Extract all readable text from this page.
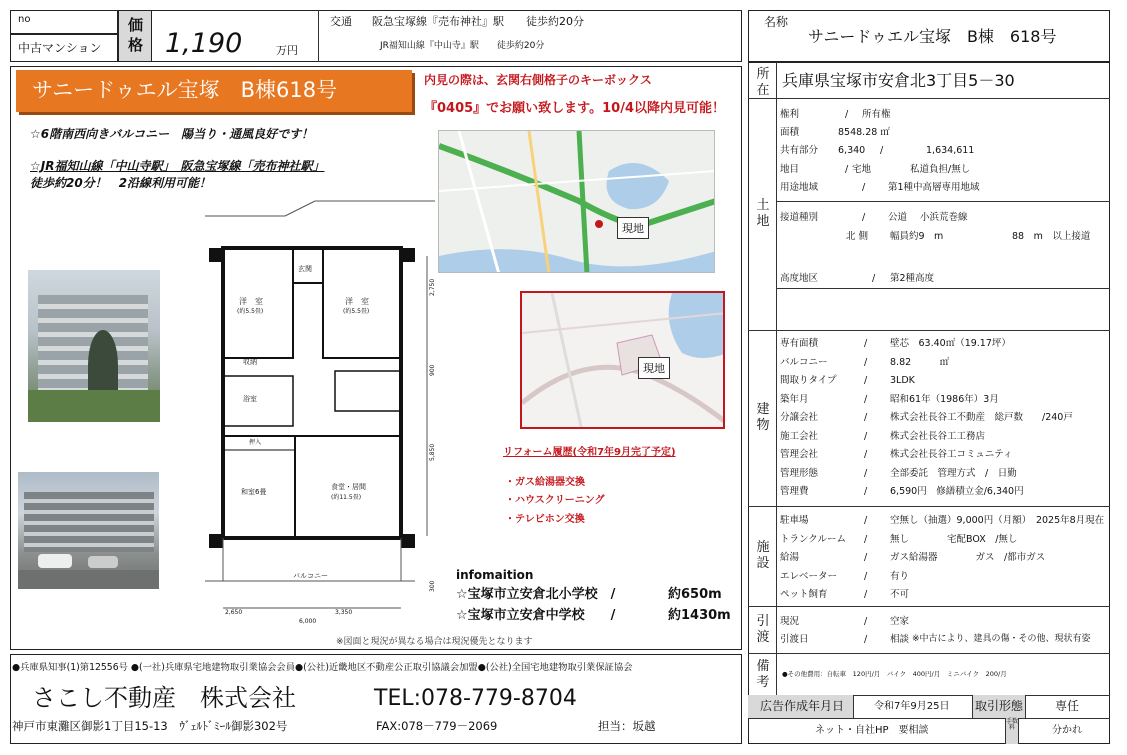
no
中古マンション
価
格 1,190	万円
交通 阪急宝塚線『売布神社』駅　　徒歩約20分
JR福知山線『中山寺』駅　　徒歩約20分
名称
サニードゥエル宝塚　B棟　618号
サニードゥエル宝塚　B棟618号	内見の際は、玄関右側格子のキーボックス
『0405』でお願い致します。10/4以降内見可能！
☆6階南西向きバルコニー　陽当り・通風良好です！
☆JR福知山線「中山寺駅」　阪急宝塚線「売布神社駅」
徒歩約20分！　2沿線利用可能！
現地
現地
洋　室
(約5.5畳)
洋　室
(約5.5畳)
玄関
収納
浴室
押入
和室6畳
食堂・居間
(約11.5畳)
バルコニー
2,650	3,350
6,000
2,750
900
5,850
300
リフォーム履歴(令和7年9月完了予定)
・ガス給湯器交換
・ハウスクリーニング
・テレビホン交換
infomaition
☆宝塚市立安倉北小学校　/	約650m
☆宝塚市立安倉中学校　　/	約1430m
※図面と現況が異なる場合は現況優先となります
●兵庫県知事(1)第12556号 ●(一社)兵庫県宅地建物取引業協会会員●(公社)近畿地区不動産公正取引協議会加盟●(公社)全国宅地建物取引業保証協会
さこし不動産　株式会社	TEL:078-779-8704
神戸市東灘区御影1丁目15-13　ｳﾞｪﾙﾄﾞﾐｰﾙ御影302号	FAX:078－779－2069	担当：坂越
所
在
兵庫県宝塚市安倉北3丁目5－30
土
地
権利	/ 所有権
面積	8548.28 ㎡
共有部分 6,340 /	1,634,611
地目	/ 宅地	私道負担/無し
用途地域	/ 第1種中高層専用地域
接道種別	/ 公道 小浜荒巻線
北 側 幅員約9　m	88　m　以上接道
高度地区	/ 第2種高度
建
物
専有面積	/ 壁芯　63.40㎡（19.17坪）
バルコニー	/ 8.82　　　㎡
間取りタイプ	/ 3LDK
築年月	/ 昭和61年（1986年）3月
分譲会社	/ 株式会社長谷工不動産　総戸数　　/240戸
施工会社	/ 株式会社長谷工工務店
管理会社	/ 株式会社長谷工コミュニティ
管理形態	/ 全部委託　管理方式　/　日勤
管理費	/ 6,590円　修繕積立金/6,340円
施
設
駐車場	/ 空無し（抽選）9,000円（月額）　2025年8月現在
トランクルーム / 無し　　　　宅配BOX　/無し
給湯	/ ガス給湯器　　　　ガス　/都市ガス
エレベーター	/ 有り
ペット飼育	/ 不可
引
渡
現況	/ 空家
引渡日	/ 相談 ※中古により、建具の傷・その他、現状有姿
備
考
●その他費用：自転車　120円/月　バイク　400円/月　ミニバイク　200/月
広告作成年月日	令和7年9月25日 取引形態	専任
ネット・自社HP　要相談
手数料	分かれ
